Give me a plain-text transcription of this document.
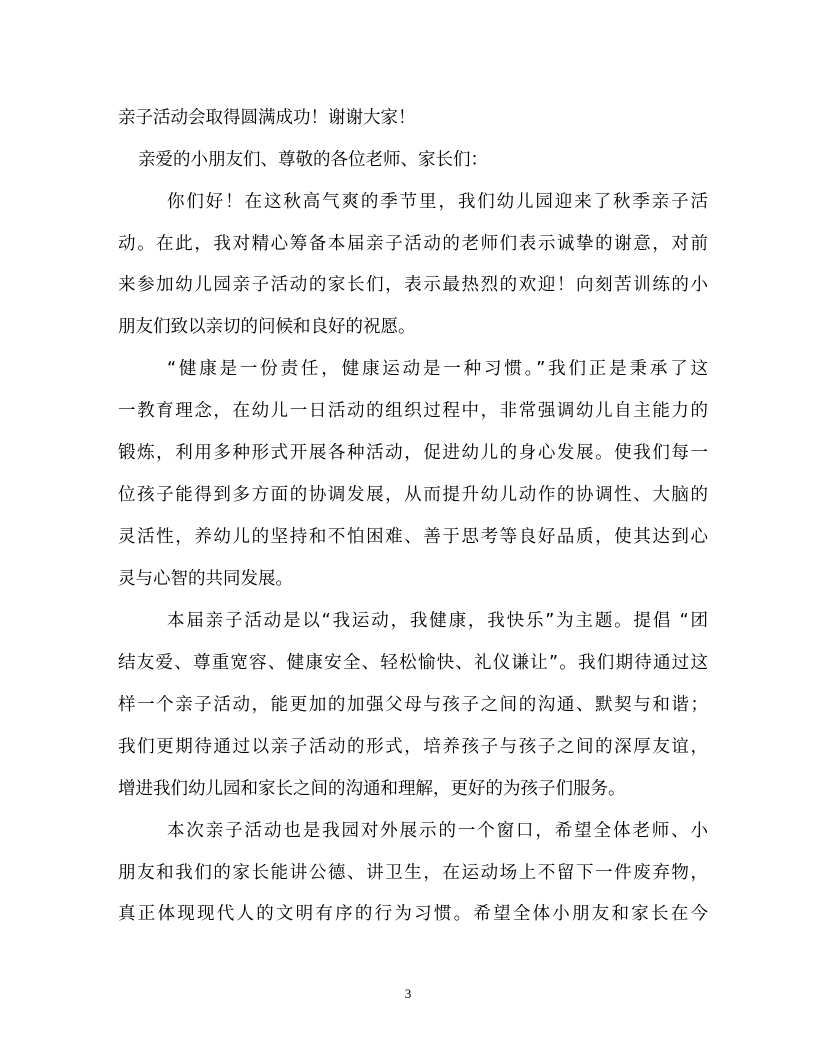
亲子活动会取得圆满成功！谢谢大家！
亲爱的小朋友们、尊敬的各位老师、家长们：
你们好！在这秋高气爽的季节里，我们幼儿园迎来了秋季亲子活
动。在此，我对精心筹备本届亲子活动的老师们表示诚挚的谢意，对前
来参加幼儿园亲子活动的家长们，表示最热烈的欢迎！向刻苦训练的小
朋友们致以亲切的问候和良好的祝愿。
“健康是一份责任，健康运动是一种习惯。”我们正是秉承了这
一教育理念，在幼儿一日活动的组织过程中，非常强调幼儿自主能力的
锻炼，利用多种形式开展各种活动，促进幼儿的身心发展。使我们每一
位孩子能得到多方面的协调发展，从而提升幼儿动作的协调性、大脑的
灵活性，养幼儿的坚持和不怕困难、善于思考等良好品质，使其达到心
灵与心智的共同发展。
本届亲子活动是以“我运动，我健康，我快乐”为主题。提倡 “团
结友爱、尊重宽容、健康安全、轻松愉快、礼仪谦让”。我们期待通过这
样一个亲子活动，能更加的加强父母与孩子之间的沟通、默契与和谐；
我们更期待通过以亲子活动的形式，培养孩子与孩子之间的深厚友谊，
增进我们幼儿园和家长之间的沟通和理解，更好的为孩子们服务。
本次亲子活动也是我园对外展示的一个窗口，希望全体老师、小
朋友和我们的家长能讲公德、讲卫生，在运动场上不留下一件废弃物，
真正体现现代人的文明有序的行为习惯。希望全体小朋友和家长在今
3
